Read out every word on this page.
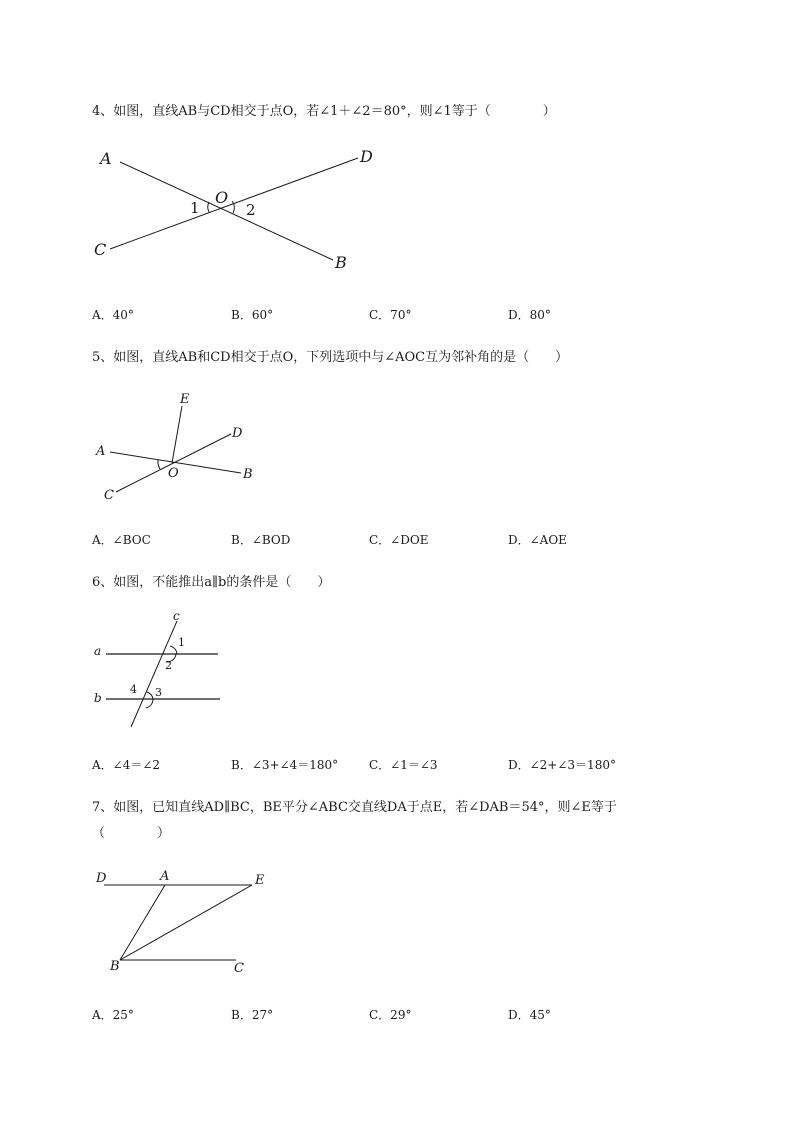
4、如图，直线AB与CD相交于点O，若∠1＋∠2＝80°，则∠1等于（　　　　）
A	D
O
1	2
C
B
A．40°	B．60°	C．70°	D．80°
5、如图，直线AB和CD相交于点O，下列选项中与∠AOC互为邻补角的是（　　）
E
D
A
O	B
C
A．∠BOC	B．∠BOD	C．∠DOE	D．∠AOE
6、如图，不能推出a∥b的条件是（　　）
c
a
b
1
2
4 3
A．∠4＝∠2	B．∠3+∠4＝180°	C．∠1＝∠3	D．∠2+∠3＝180°
7、如图，已知直线AD∥BC，BE平分∠ABC交直线DA于点E，若∠DAB＝54°，则∠E等于
（　　　　）
D	A	E
B	C
A．25°	B．27°	C．29°	D．45°
